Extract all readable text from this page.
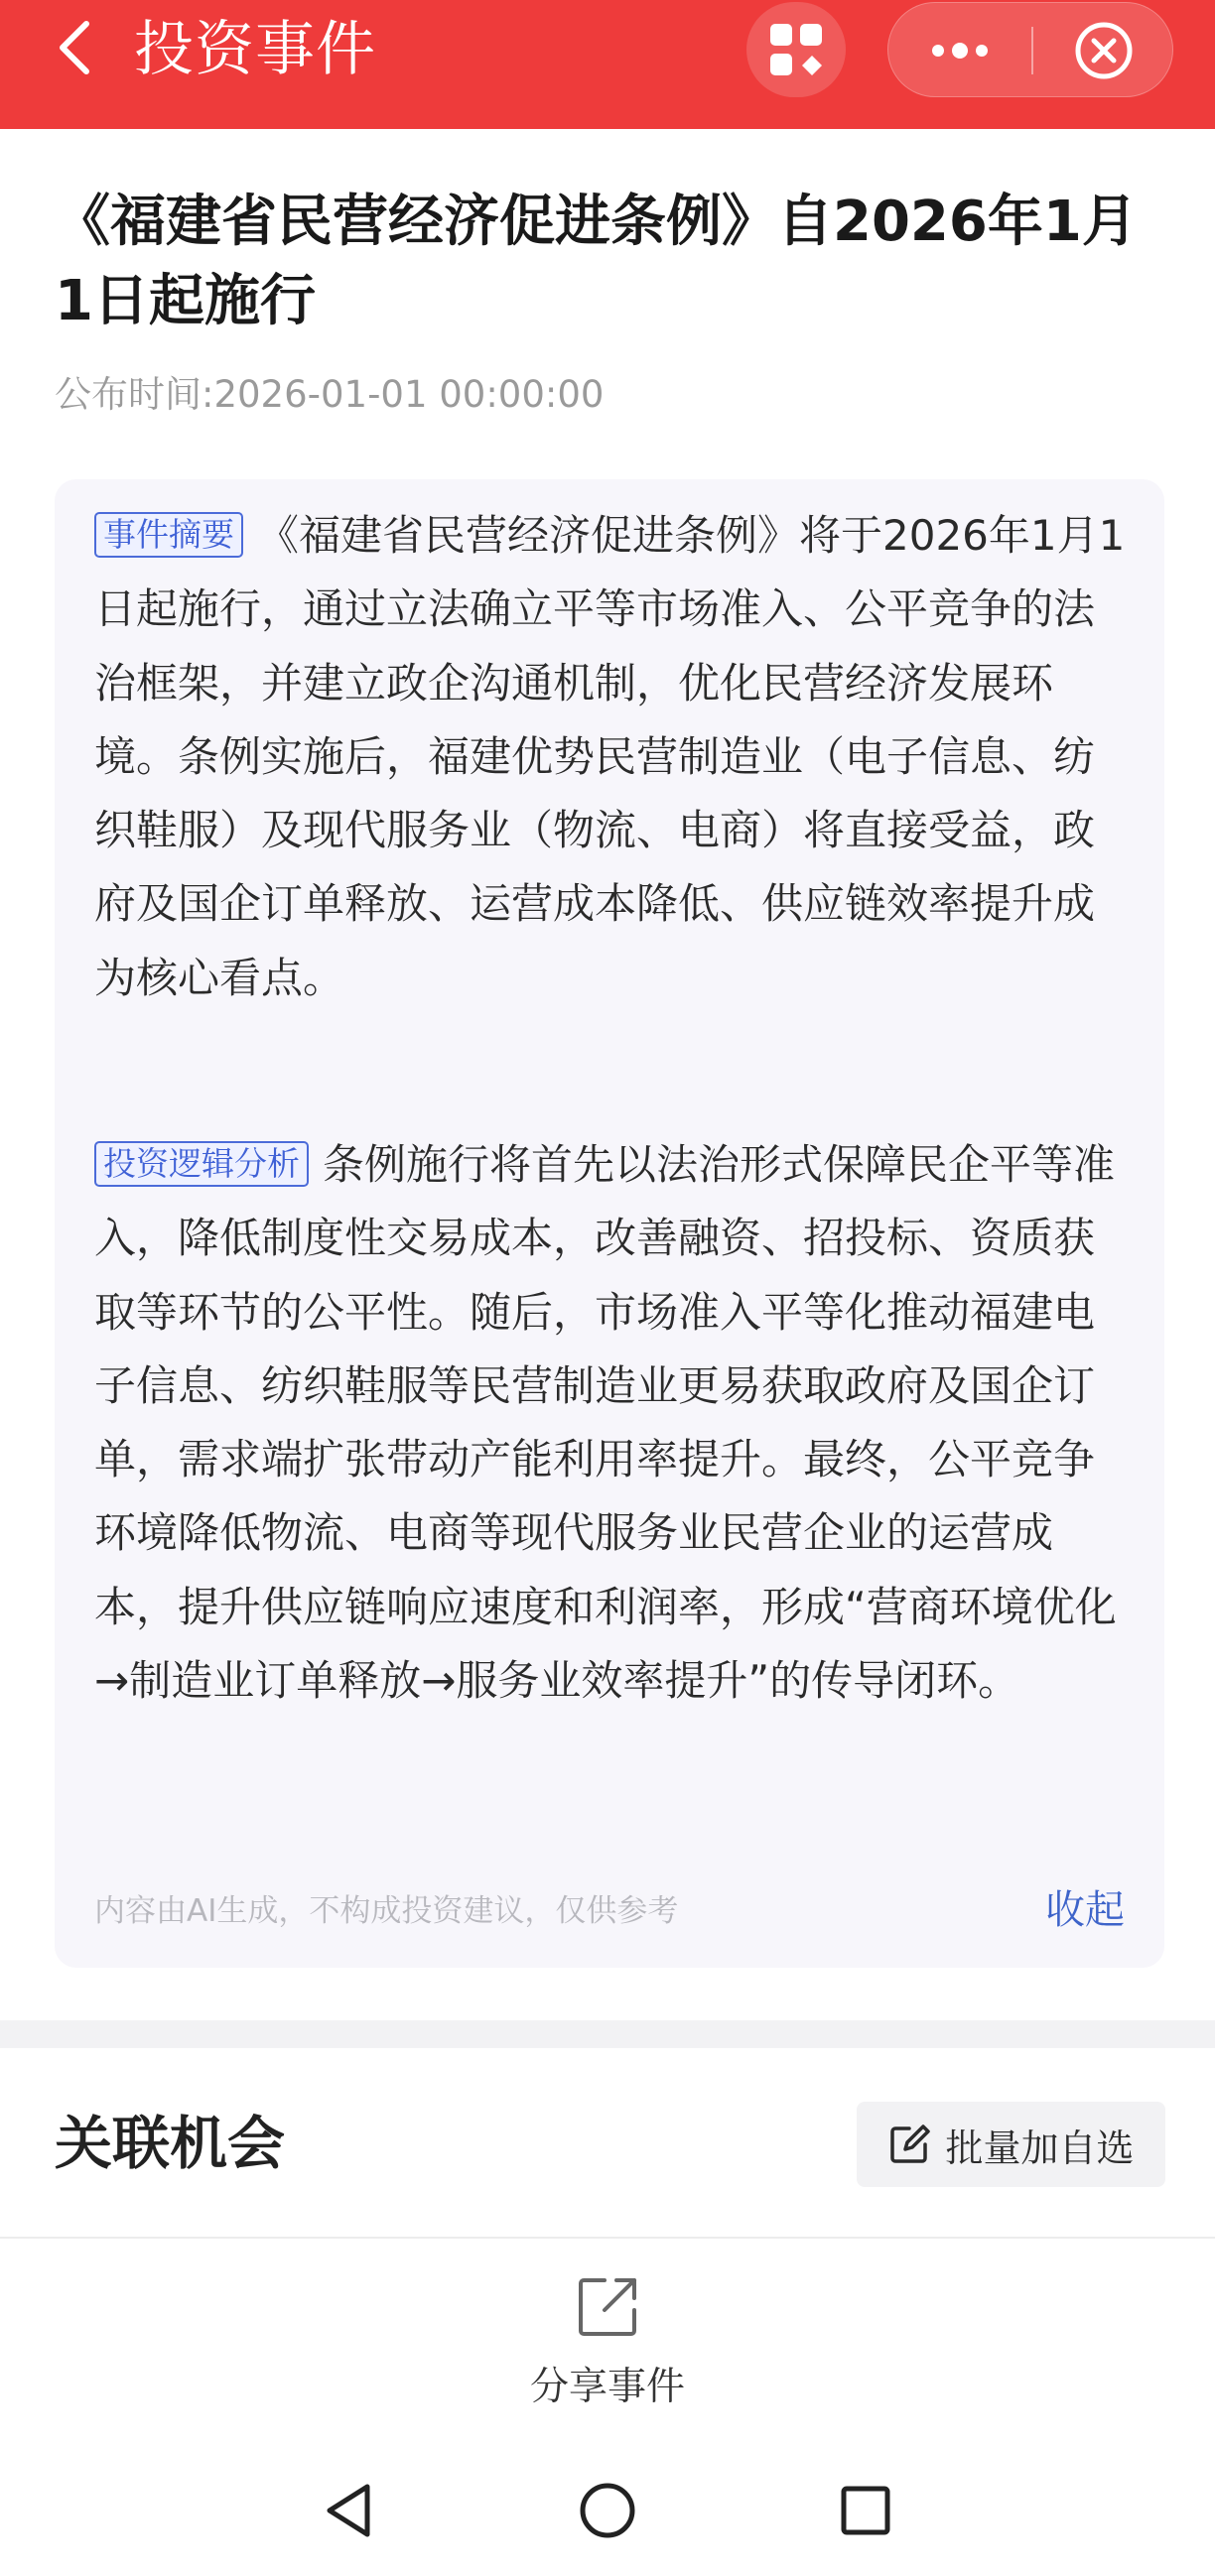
投资事件
《福建省民营经济促进条例》自2026年1月1日起施行
公布时间:2026-01-01 00:00:00
事件摘要 《福建省民营经济促进条例》将于2026年1月1日起施行，通过立法确立平等市场准入、公平竞争的法治框架，并建立政企沟通机制，优化民营经济发展环境。条例实施后，福建优势民营制造业（电子信息、纺织鞋服）及现代服务业（物流、电商）将直接受益，政府及国企订单释放、运营成本降低、供应链效率提升成为核心看点。
投资逻辑分析 条例施行将首先以法治形式保障民企平等准入，降低制度性交易成本，改善融资、招投标、资质获取等环节的公平性。随后，市场准入平等化推动福建电子信息、纺织鞋服等民营制造业更易获取政府及国企订单，需求端扩张带动产能利用率提升。最终，公平竞争环境降低物流、电商等现代服务业民营企业的运营成本，提升供应链响应速度和利润率，形成“营商环境优化→制造业订单释放→服务业效率提升”的传导闭环。
内容由AI生成，不构成投资建议，仅供参考	收起
关联机会	批量加自选
分享事件
